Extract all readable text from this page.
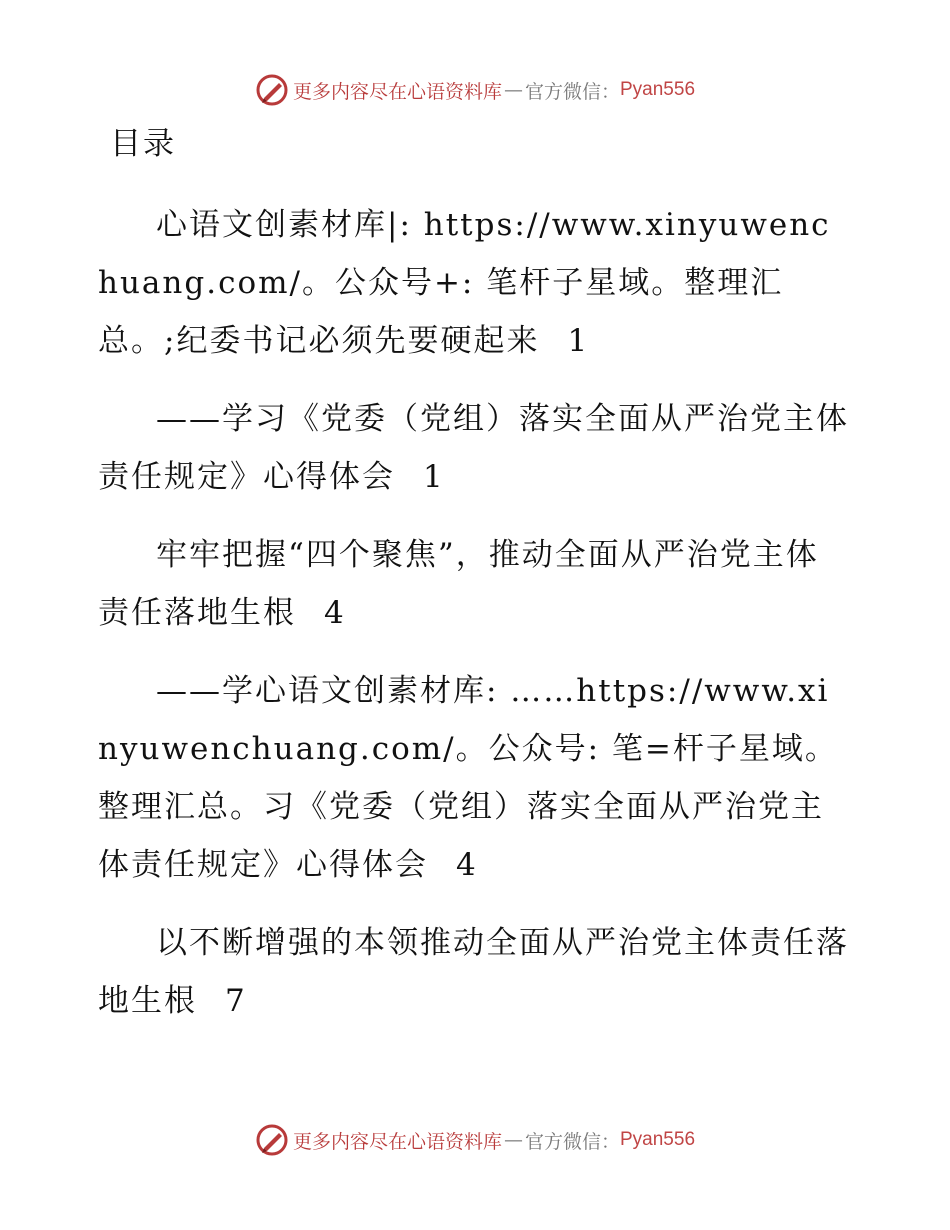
更多内容尽在心语资料库 — 官方微信： Pyan556
目录

心语文创素材库|: https://www.xinyuwenchuang.com/。公众号+: 笔杆子星域。整理汇总。;纪委书记必须先要硬起来 1

——学习《党委（党组）落实全面从严治党主体责任规定》心得体会 1

牢牢把握“四个聚焦”，推动全面从严治党主体责任落地生根 4

——学心语文创素材库: ……https://www.xinyuwenchuang.com/。公众号: 笔=杆子星域。整理汇总。习《党委（党组）落实全面从严治党主体责任规定》心得体会 4

以不断增强的本领推动全面从严治党主体责任落地生根 7

更多内容尽在心语资料库 — 官方微信： Pyan556
